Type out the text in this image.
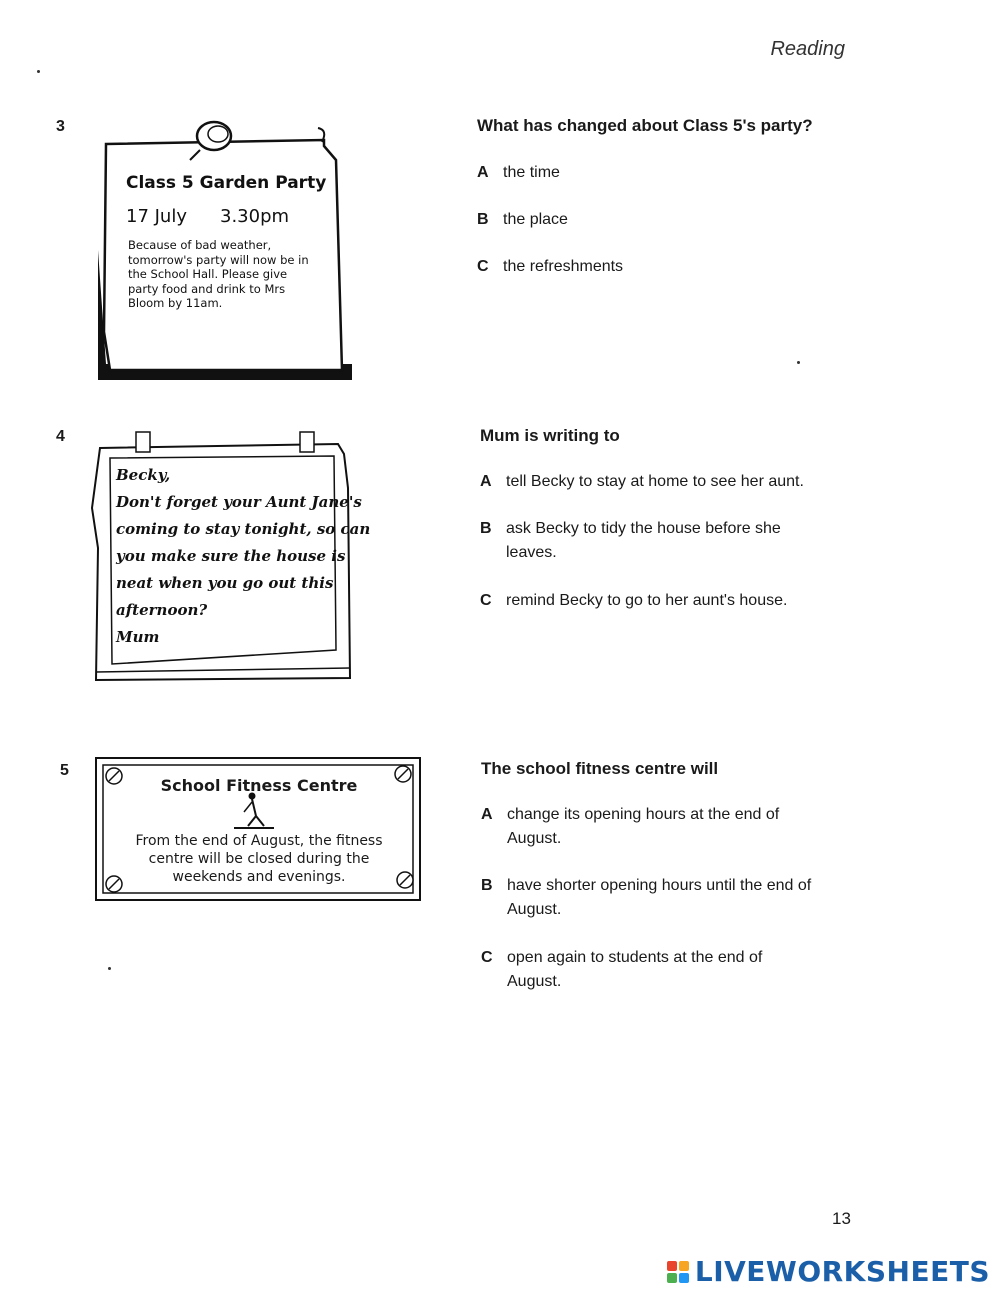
Reading
3
Class 5 Garden Party
17 July 3.30pm
Because of bad weather,
tomorrow's party will now be in
the School Hall. Please give
party food and drink to Mrs
Bloom by 11am.
What has changed about Class 5's party?
A the time
B the place
C the refreshments
4
Becky,
Don't forget your Aunt Jane's
coming to stay tonight, so can
you make sure the house is
neat when you go out this
afternoon?
Mum
Mum is writing to
A tell Becky to stay at home to see her aunt.
B ask Becky to tidy the house before she leaves.
C remind Becky to go to her aunt's house.
5
School Fitness Centre
From the end of August, the fitness
centre will be closed during the
weekends and evenings.
The school fitness centre will
A change its opening hours at the end of August.
B have shorter opening hours until the end of August.
C open again to students at the end of August.
13
LIVEWORKSHEETS
